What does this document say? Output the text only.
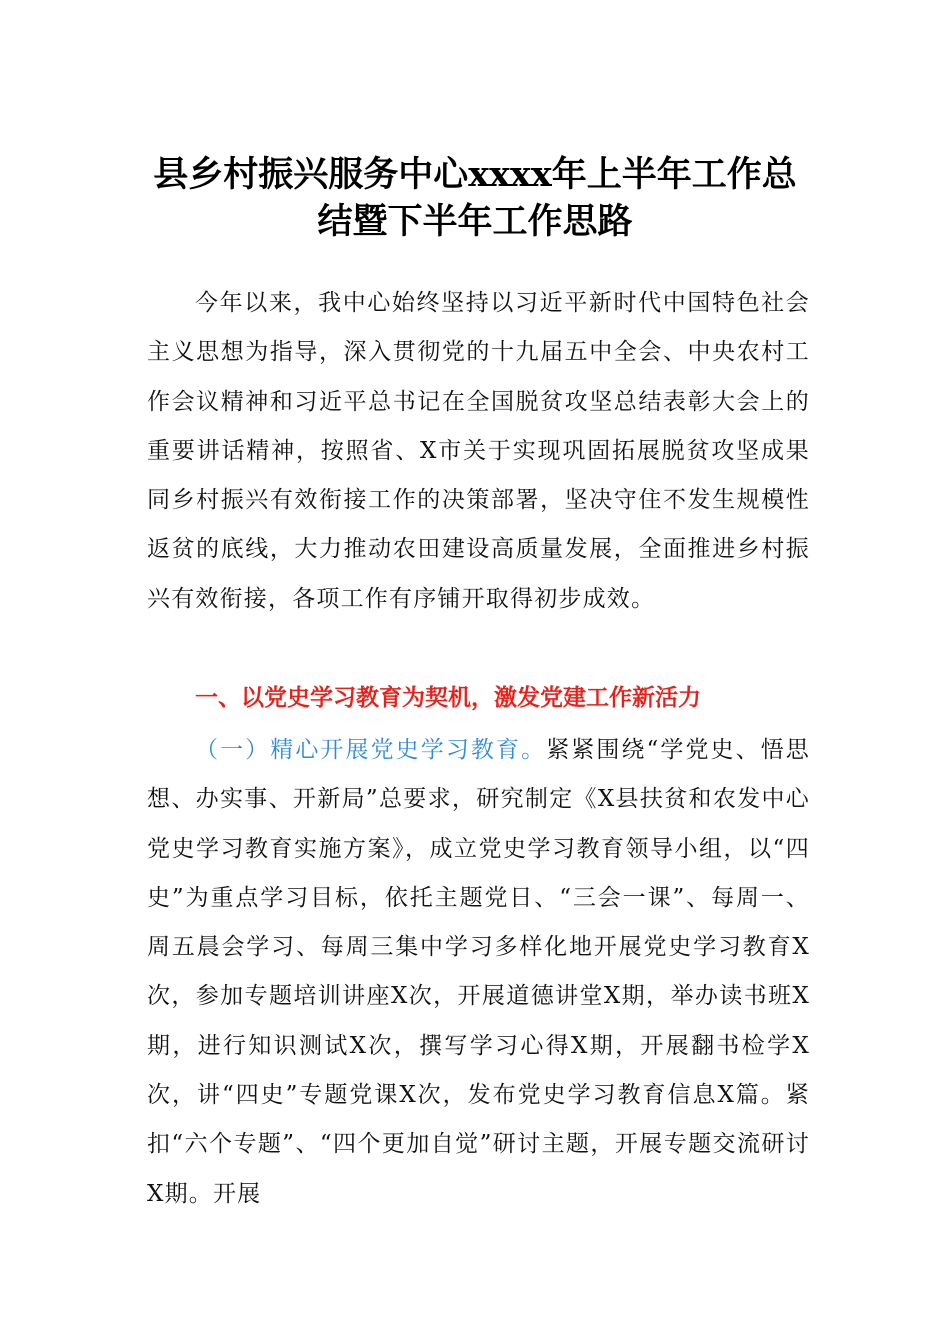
县乡村振兴服务中心xxxx年上半年工作总
结暨下半年工作思路

今年以来，我中心始终坚持以习近平新时代中国特色社会主义思想为指导，深入贯彻党的十九届五中全会、中央农村工作会议精神和习近平总书记在全国脱贫攻坚总结表彰大会上的重要讲话精神，按照省、X市关于实现巩固拓展脱贫攻坚成果同乡村振兴有效衔接工作的决策部署，坚决守住不发生规模性返贫的底线，大力推动农田建设高质量发展，全面推进乡村振兴有效衔接，各项工作有序铺开取得初步成效。

一、以党史学习教育为契机，激发党建工作新活力

（一）精心开展党史学习教育。紧紧围绕“学党史、悟思想、办实事、开新局”总要求，研究制定《X县扶贫和农发中心党史学习教育实施方案》，成立党史学习教育领导小组，以“四史”为重点学习目标，依托主题党日、“三会一课”、每周一、周五晨会学习、每周三集中学习多样化地开展党史学习教育X次，参加专题培训讲座X次，开展道德讲堂X期，举办读书班X期，进行知识测试X次，撰写学习心得X期，开展翻书检学X次，讲“四史”专题党课X次，发布党史学习教育信息X篇。紧扣“六个专题”、“四个更加自觉”研讨主题，开展专题交流研讨X期。开展
